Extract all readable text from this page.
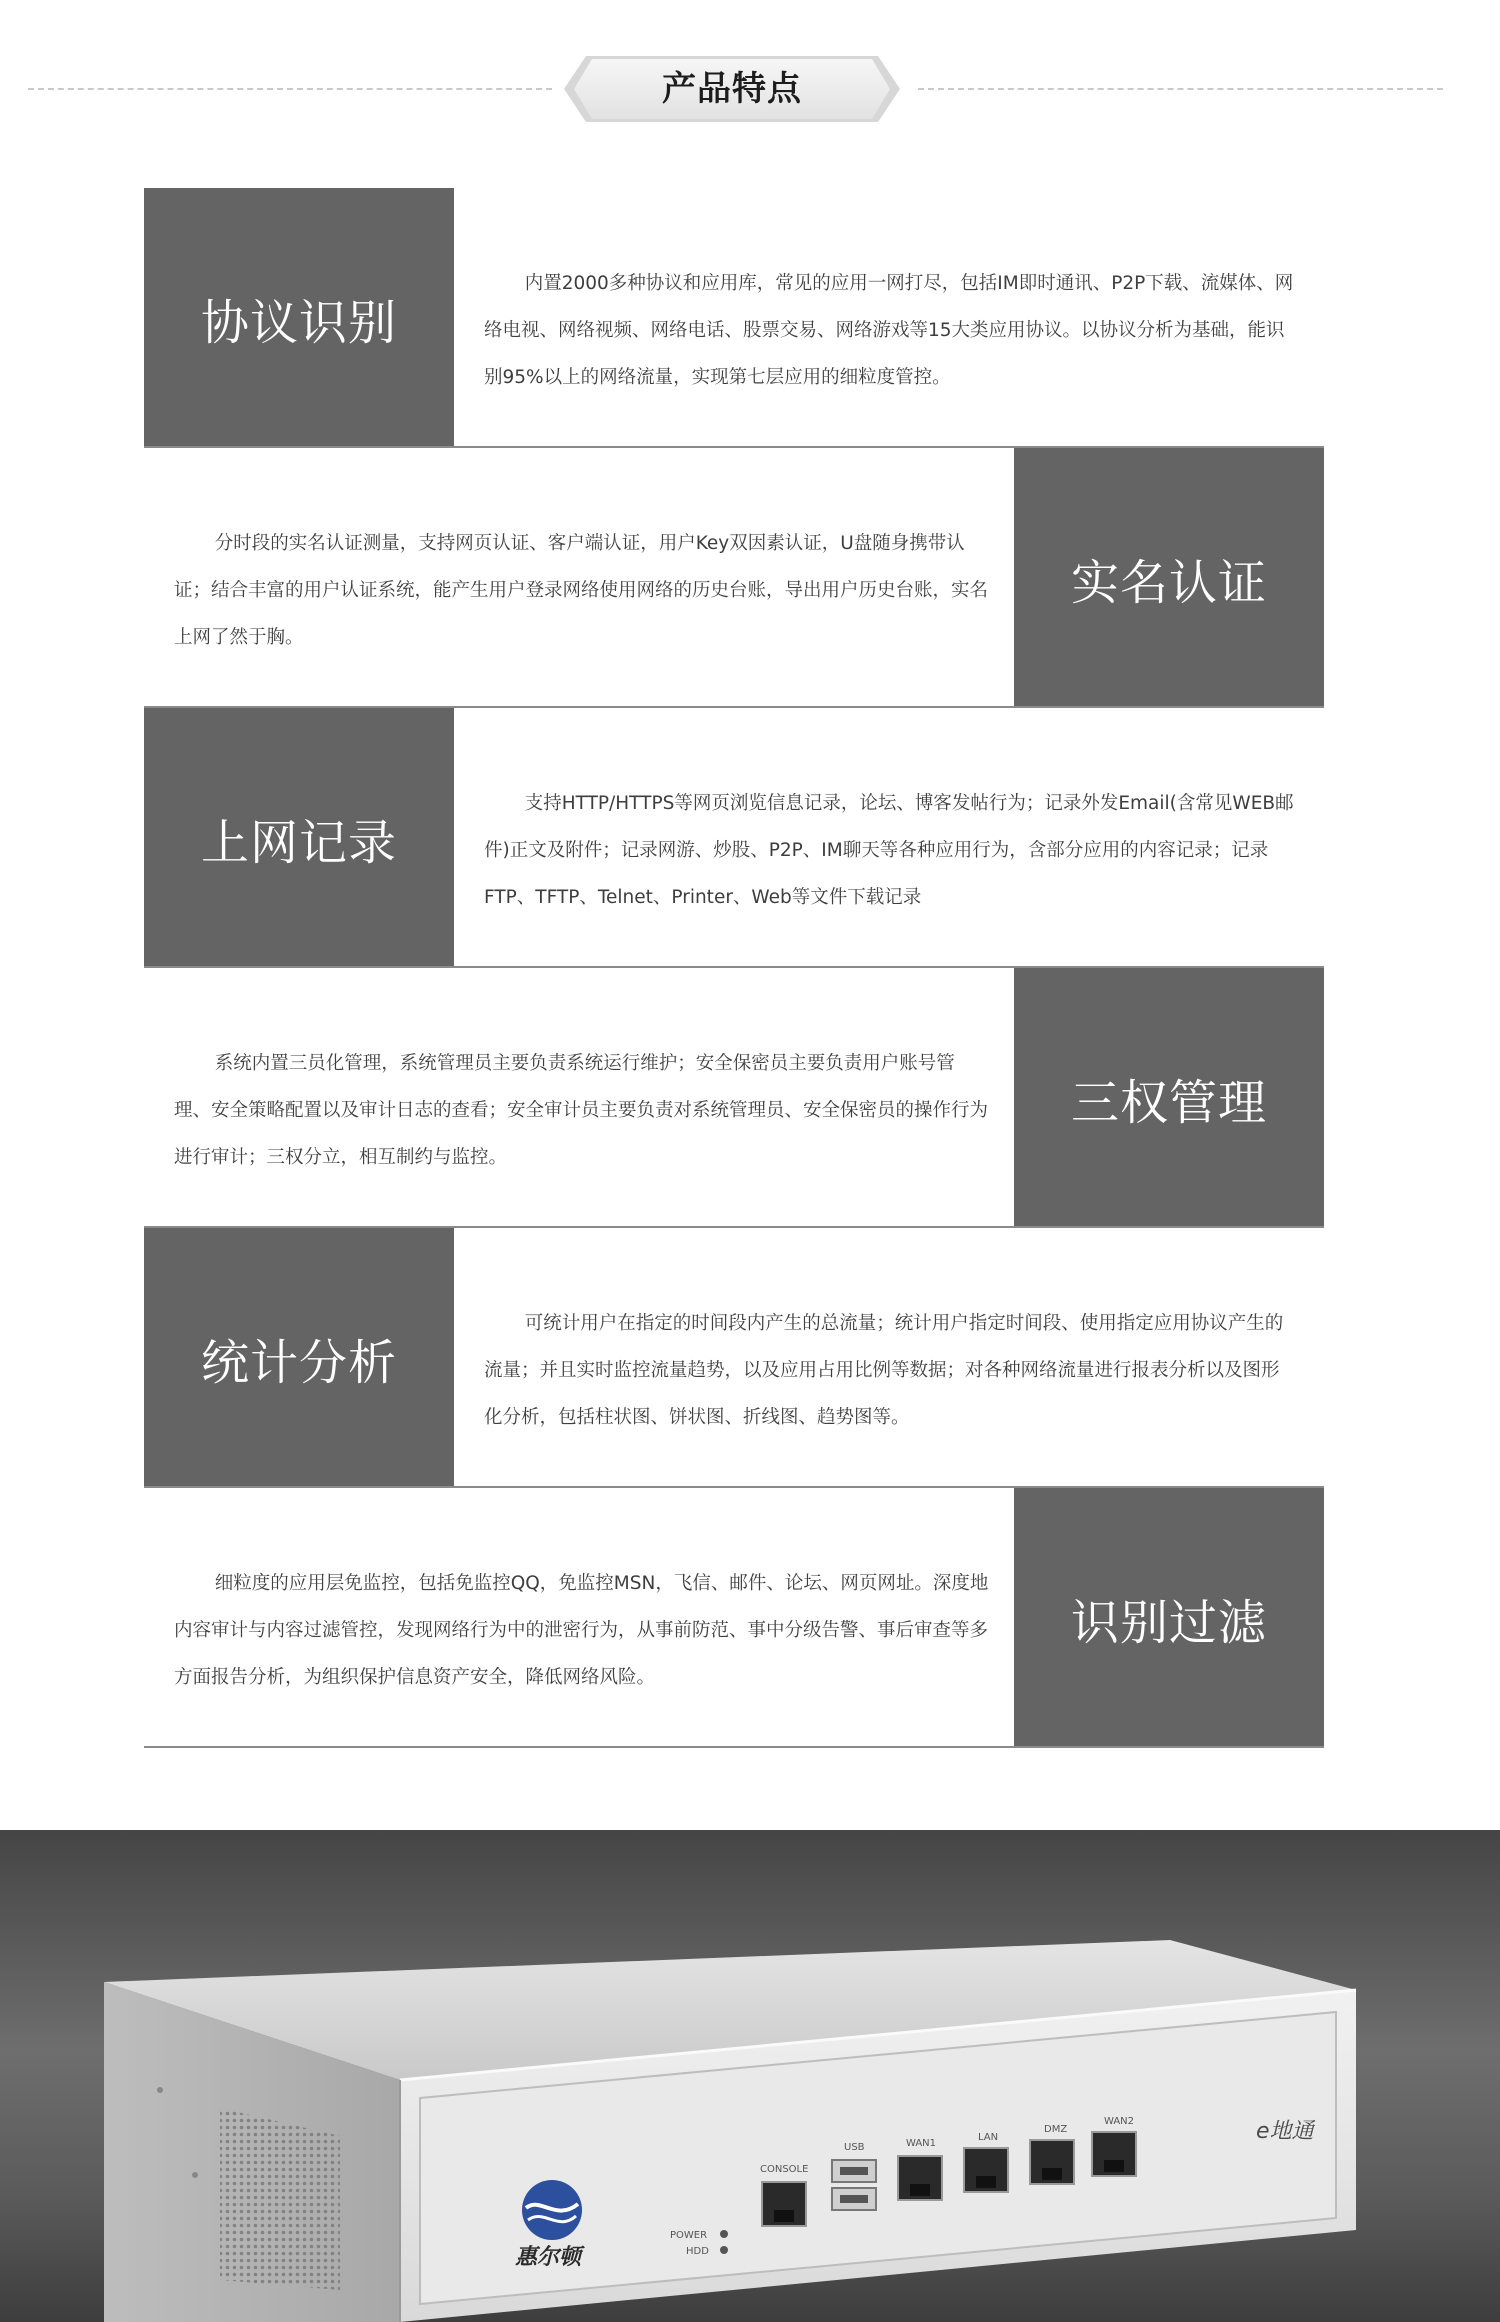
产品特点
协议识别
内置2000多种协议和应用库，常见的应用一网打尽，包括IM即时通讯、P2P下载、流媒体、网络电视、网络视频、网络电话、股票交易、网络游戏等15大类应用协议。以协议分析为基础，能识别95%以上的网络流量，实现第七层应用的细粒度管控。
分时段的实名认证测量，支持网页认证、客户端认证，用户Key双因素认证，U盘随身携带认证；结合丰富的用户认证系统，能产生用户登录网络使用网络的历史台账，导出用户历史台账，实名上网了然于胸。
实名认证
上网记录
支持HTTP/HTTPS等网页浏览信息记录，论坛、博客发帖行为；记录外发Email(含常见WEB邮件)正文及附件；记录网游、炒股、P2P、IM聊天等各种应用行为，含部分应用的内容记录；记录FTP、TFTP、Telnet、Printer、Web等文件下载记录
系统内置三员化管理，系统管理员主要负责系统运行维护；安全保密员主要负责用户账号管理、安全策略配置以及审计日志的查看；安全审计员主要负责对系统管理员、安全保密员的操作行为进行审计；三权分立，相互制约与监控。
三权管理
统计分析
可统计用户在指定的时间段内产生的总流量；统计用户指定时间段、使用指定应用协议产生的流量；并且实时监控流量趋势，以及应用占用比例等数据；对各种网络流量进行报表分析以及图形化分析，包括柱状图、饼状图、折线图、趋势图等。
细粒度的应用层免监控，包括免监控QQ，免监控MSN，飞信、邮件、论坛、网页网址。深度地内容审计与内容过滤管控，发现网络行为中的泄密行为，从事前防范、事中分级告警、事后审查等多方面报告分析，为组织保护信息资产安全，降低网络风险。
识别过滤
惠尔顿
POWER
HDD
CONSOLE
USB	WAN1
LAN
DMZ
WAN2	e地通
